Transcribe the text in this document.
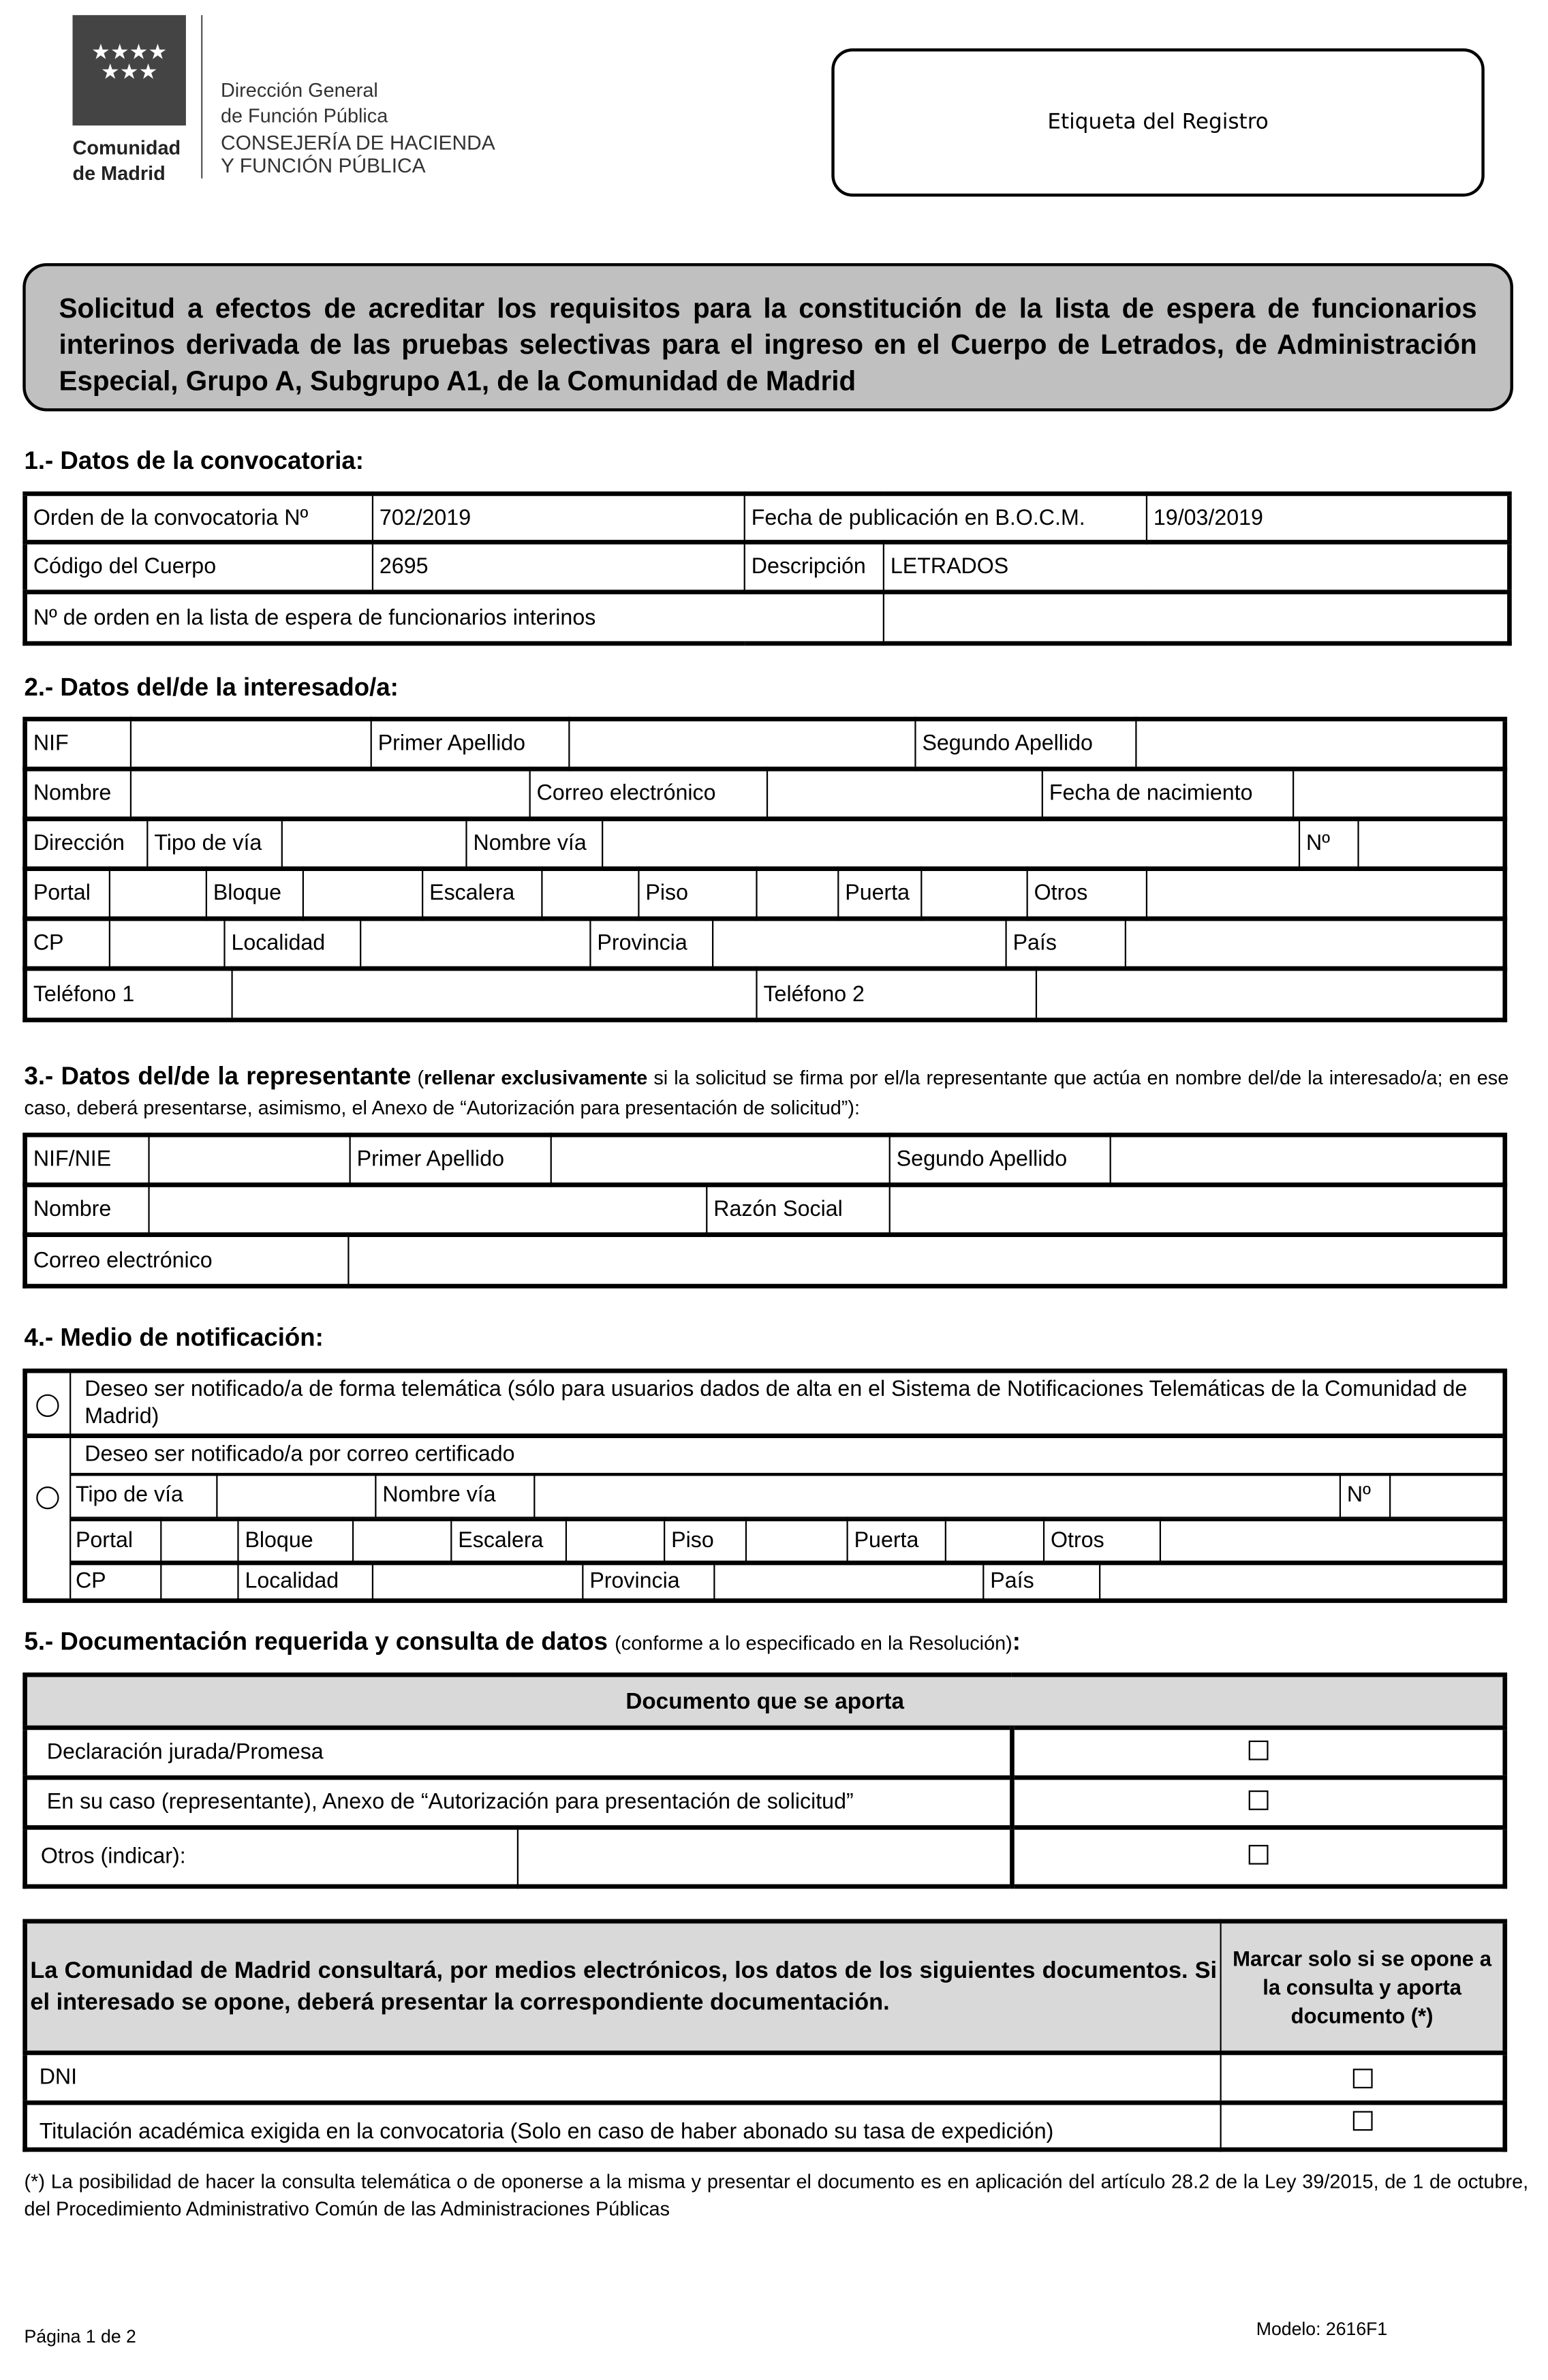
★★★★
★★★
Comunidad
de Madrid
Dirección General
de Función Pública
CONSEJERÍA DE HACIENDA
Y FUNCIÓN PÚBLICA
Etiqueta del Registro

Solicitud a efectos de acreditar los requisitos para la constitución de la lista de espera de funcionarios interinos derivada de las pruebas selectivas para el ingreso en el Cuerpo de Letrados, de Administración Especial, Grupo A, Subgrupo A1, de la Comunidad de Madrid

1.- Datos de la convocatoria:
Orden de la convocatoria Nº	702/2019	Fecha de publicación en B.O.C.M.		19/03/2019
Código del Cuerpo	2695	Descripción	LETRADOS	
Nº de orden en la lista de espera de funcionarios interinos				
2.- Datos del/de la interesado/a:
NIF		Primer Apellido		Segundo Apellido	
Nombre		Correo electrónico		Fecha de nacimiento	
Dirección	Tipo de vía		Nombre vía		Nº	
Portal		Bloque		Escalera		Piso		Puerta		Otros	
CP		Localidad		Provincia		País	
Teléfono 1		Teléfono 2	
3.- Datos del/de la representante (rellenar exclusivamente si la solicitud se firma por el/la representante que actúa en nombre del/de la interesado/a; en ese caso, deberá presentarse, asimismo, el Anexo de “Autorización para presentación de solicitud”):
NIF/NIE		Primer Apellido		Segundo Apellido	
Nombre		Razón Social	
Correo electrónico	
4.- Medio de notificación:
Deseo ser notificado/a de forma telemática (sólo para usuarios dados de alta en el Sistema de Notificaciones Telemáticas de la Comunidad de Madrid)
Deseo ser notificado/a por correo certificado
Tipo de vía		Nombre vía		Nº	
Portal		Bloque		Escalera		Piso		Puerta		Otros	
CP		Localidad		Provincia		País	
5.- Documentación requerida y consulta de datos (conforme a lo especificado en la Resolución):
Documento que se aporta		
Declaración jurada/Promesa		
En su caso (representante), Anexo de “Autorización para presentación de solicitud”		
Otros (indicar):		
La Comunidad de Madrid consultará, por medios electrónicos, los datos de los siguientes documentos. Si el interesado se opone, deberá presentar la correspondiente documentación.	Marcar solo si se opone a la consulta y aporta documento (*)
DNI	
Titulación académica exigida en la convocatoria (Solo en caso de haber abonado su tasa de expedición)	
(*) La posibilidad de hacer la consulta telemática o de oponerse a la misma y presentar el documento es en aplicación del artículo 28.2 de la Ley 39/2015, de 1 de octubre, del Procedimiento Administrativo Común de las Administraciones Públicas
Página 1 de 2	Modelo: 2616F1
